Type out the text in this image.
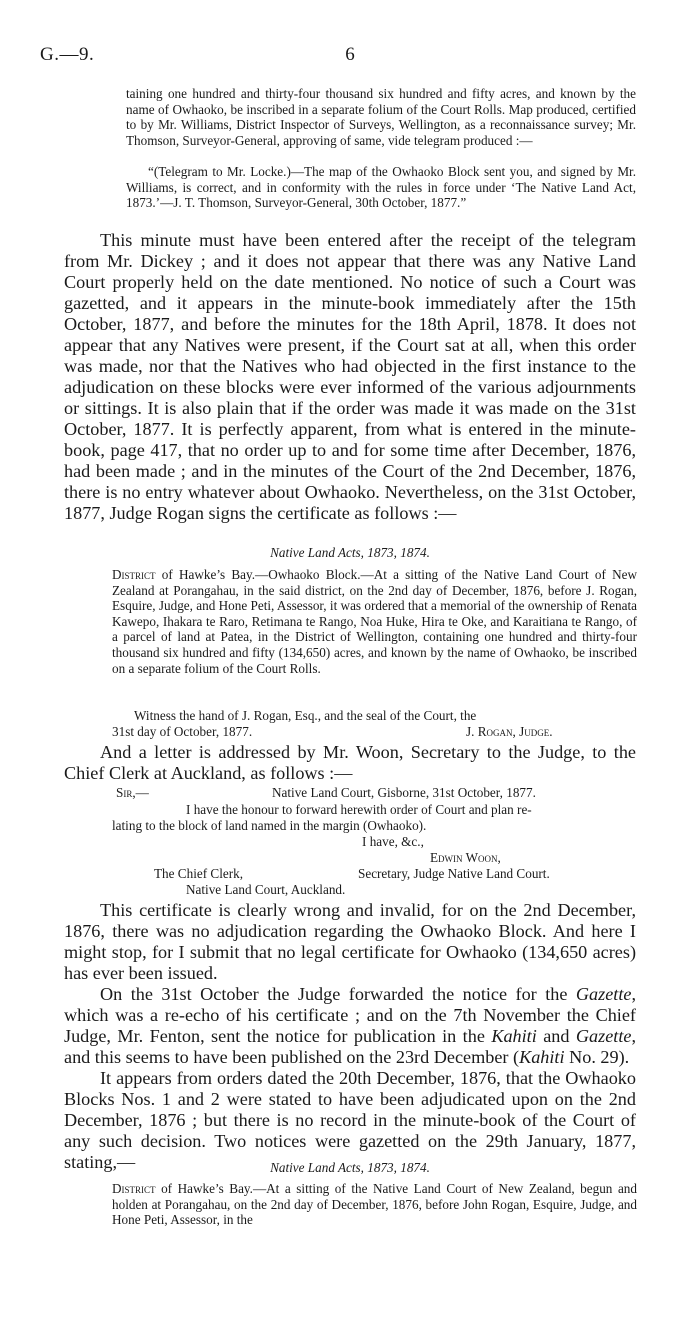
G.—9.	6

taining one hundred and thirty-four thousand six hundred and fifty acres, and known by the name of Owhaoko, be inscribed in a separate folium of the Court Rolls. Map produced, certified to by Mr. Williams, District Inspector of Surveys, Wellington, as a reconnaissance survey; Mr. Thomson, Surveyor-General, approving of same, vide telegram produced :—

“(Telegram to Mr. Locke.)—The map of the Owhaoko Block sent you, and signed by Mr. Williams, is correct, and in conformity with the rules in force under ‘The Native Land Act, 1873.’—J. T. Thomson, Surveyor-General, 30th October, 1877.”

This minute must have been entered after the receipt of the telegram from Mr. Dickey ; and it does not appear that there was any Native Land Court properly held on the date mentioned. No notice of such a Court was gazetted, and it appears in the minute-book immediately after the 15th October, 1877, and before the minutes for the 18th April, 1878. It does not appear that any Natives were present, if the Court sat at all, when this order was made, nor that the Natives who had objected in the first instance to the adjudication on these blocks were ever informed of the various adjournments or sittings. It is also plain that if the order was made it was made on the 31st October, 1877. It is perfectly apparent, from what is entered in the minute-book, page 417, that no order up to and for some time after December, 1876, had been made ; and in the minutes of the Court of the 2nd December, 1876, there is no entry whatever about Owhaoko. Nevertheless, on the 31st October, 1877, Judge Rogan signs the certificate as follows :—

Native Land Acts, 1873, 1874.

District of Hawke’s Bay.—Owhaoko Block.—At a sitting of the Native Land Court of New Zealand at Porangahau, in the said district, on the 2nd day of December, 1876, before J. Rogan, Esquire, Judge, and Hone Peti, Assessor, it was ordered that a memorial of the ownership of Renata Kawepo, Ihakara te Raro, Retimana te Rango, Noa Huke, Hira te Oke, and Karaitiana te Rango, of a parcel of land at Patea, in the District of Wellington, containing one hundred and thirty-four thousand six hundred and fifty (134,650) acres, and known by the name of Owhaoko, be inscribed on a separate folium of the Court Rolls.

Witness the hand of J. Rogan, Esq., and the seal of the Court, the

31st day of October, 1877.	J. Rogan, Judge.

And a letter is addressed by Mr. Woon, Secretary to the Judge, to the Chief Clerk at Auckland, as follows :—

Sir,—	Native Land Court, Gisborne, 31st October, 1877.

I have the honour to forward herewith order of Court and plan re-

lating to the block of land named in the margin (Owhaoko).

I have, &c.,

Edwin Woon,

The Chief Clerk,	Secretary, Judge Native Land Court.

Native Land Court, Auckland.

This certificate is clearly wrong and invalid, for on the 2nd December, 1876, there was no adjudication regarding the Owhaoko Block. And here I might stop, for I submit that no legal certificate for Owhaoko (134,650 acres) has ever been issued.

On the 31st October the Judge forwarded the notice for the Gazette, which was a re-echo of his certificate ; and on the 7th November the Chief Judge, Mr. Fenton, sent the notice for publication in the Kahiti and Gazette, and this seems to have been published on the 23rd December (Kahiti No. 29).

It appears from orders dated the 20th December, 1876, that the Owhaoko Blocks Nos. 1 and 2 were stated to have been adjudicated upon on the 2nd December, 1876 ; but there is no record in the minute-book of the Court of any such decision. Two notices were gazetted on the 29th January, 1877, stating,—	Native Land Acts, 1873, 1874.

District of Hawke’s Bay.—At a sitting of the Native Land Court of New Zealand, begun and holden at Porangahau, on the 2nd day of December, 1876, before John Rogan, Esquire, Judge, and Hone Peti, Assessor, in the
